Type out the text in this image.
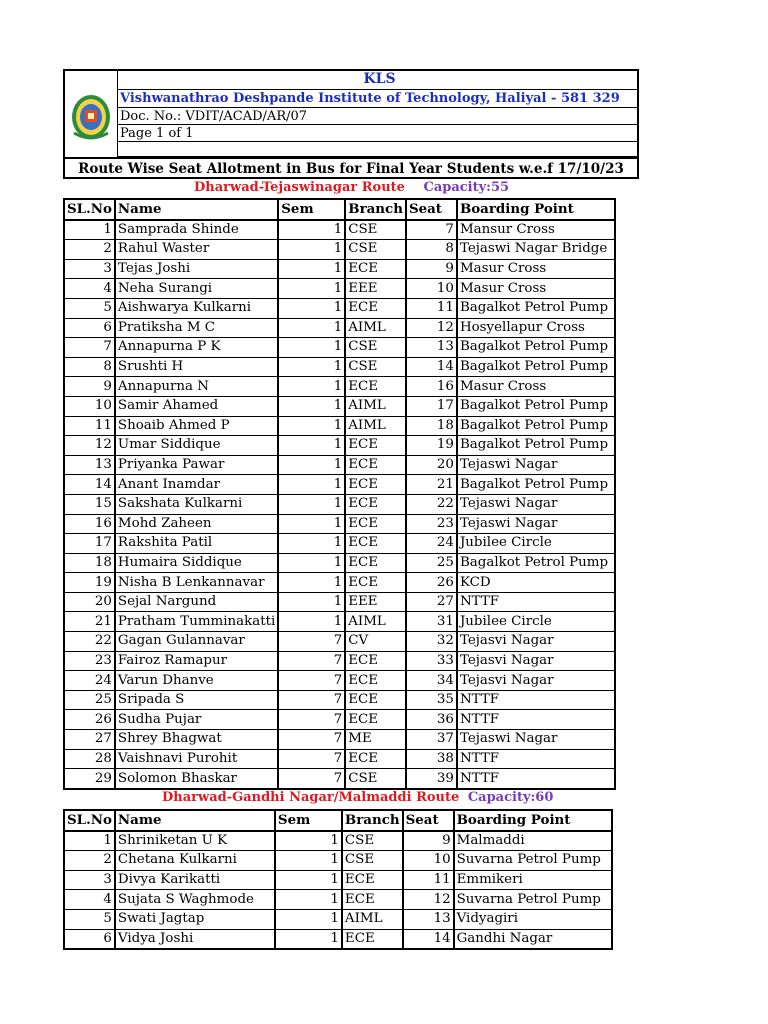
KLS
Vishwanathrao Deshpande Institute of Technology, Haliyal - 581 329
Doc. No.: VDIT/ACAD/AR/07
Page 1 of 1
Route Wise Seat Allotment in Bus for Final Year Students w.e.f 17/10/23
Dharwad-Tejaswinagar Route Capacity:55
SL.No	Name	Sem	Branch	Seat	Boarding Point
1	Samprada Shinde	1	CSE	7	Mansur Cross
2	Rahul Waster	1	CSE	8	Tejaswi Nagar Bridge
3	Tejas Joshi	1	ECE	9	Masur Cross
4	Neha Surangi	1	EEE	10	Masur Cross
5	Aishwarya Kulkarni	1	ECE	11	Bagalkot Petrol Pump
6	Pratiksha M C	1	AIML	12	Hosyellapur Cross
7	Annapurna P K	1	CSE	13	Bagalkot Petrol Pump
8	Srushti H	1	CSE	14	Bagalkot Petrol Pump
9	Annapurna N	1	ECE	16	Masur Cross
10	Samir Ahamed	1	AIML	17	Bagalkot Petrol Pump
11	Shoaib Ahmed P	1	AIML	18	Bagalkot Petrol Pump
12	Umar Siddique	1	ECE	19	Bagalkot Petrol Pump
13	Priyanka Pawar	1	ECE	20	Tejaswi Nagar
14	Anant Inamdar	1	ECE	21	Bagalkot Petrol Pump
15	Sakshata Kulkarni	1	ECE	22	Tejaswi Nagar
16	Mohd Zaheen	1	ECE	23	Tejaswi Nagar
17	Rakshita Patil	1	ECE	24	Jubilee Circle
18	Humaira Siddique	1	ECE	25	Bagalkot Petrol Pump
19	Nisha B Lenkannavar	1	ECE	26	KCD
20	Sejal Nargund	1	EEE	27	NTTF
21	Pratham Tumminakatti	1	AIML	31	Jubilee Circle
22	Gagan Gulannavar	7	CV	32	Tejasvi Nagar
23	Fairoz Ramapur	7	ECE	33	Tejasvi Nagar
24	Varun Dhanve	7	ECE	34	Tejasvi Nagar
25	Sripada S	7	ECE	35	NTTF
26	Sudha Pujar	7	ECE	36	NTTF
27	Shrey Bhagwat	7	ME	37	Tejaswi Nagar
28	Vaishnavi Purohit	7	ECE	38	NTTF
29	Solomon Bhaskar	7	CSE	39	NTTF
Dharwad-Gandhi Nagar/Malmaddi Route Capacity:60
SL.No	Name	Sem	Branch	Seat	Boarding Point
1	Shriniketan U K	1	CSE	9	Malmaddi
2	Chetana Kulkarni	1	CSE	10	Suvarna Petrol Pump
3	Divya Karikatti	1	ECE	11	Emmikeri
4	Sujata S Waghmode	1	ECE	12	Suvarna Petrol Pump
5	Swati Jagtap	1	AIML	13	Vidyagiri
6	Vidya Joshi	1	ECE	14	Gandhi Nagar
